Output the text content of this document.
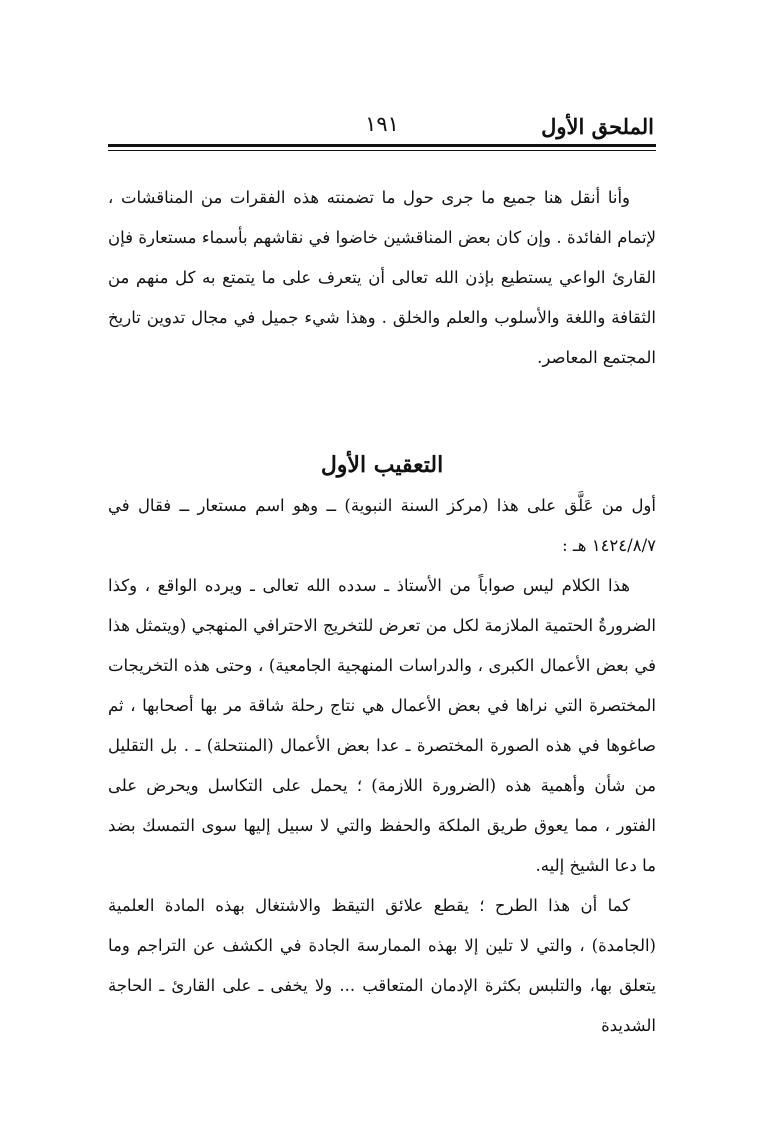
الملحق الأول
١٩١

وأنا أنقل هنا جميع ما جرى حول ما تضمنته هذه الفقرات من المناقشات ، لإتمام الفائدة . وإن كان بعض المناقشين خاضوا في نقاشهم بأسماء مستعارة فإن القارئ الواعي يستطيع بإذن الله تعالى أن يتعرف على ما يتمتع به كل منهم من الثقافة واللغة والأسلوب والعلم والخلق . وهذا شيء جميل في مجال تدوين تاريخ المجتمع المعاصر.

التعقيب الأول

أول من عَلَّق على هذا (مركز السنة النبوية) ــ وهو اسم مستعار ــ فقال في ١٤٢٤/٨/٧ هـ :

هذا الكلام ليس صواباً من الأستاذ ـ سدده الله تعالى ـ ويرده الواقع ، وكذا الضرورةُ الحتمية الملازمة لكل من تعرض للتخريج الاحترافي المنهجي (ويتمثل هذا في بعض الأعمال الكبرى ، والدراسات المنهجية الجامعية) ، وحتى هذه التخريجات المختصرة التي نراها في بعض الأعمال هي نتاج رحلة شاقة مر بها أصحابها ، ثم صاغوها في هذه الصورة المختصرة ـ عدا بعض الأعمال (المنتحلة) ـ . بل التقليل من شأن وأهمية هذه (الضرورة اللازمة) ؛ يحمل على التكاسل ويحرض على الفتور ، مما يعوق طريق الملكة والحفظ والتي لا سبيل إليها سوى التمسك بضد ما دعا الشيخ إليه.

كما أن هذا الطرح ؛ يقطع علائق التيقظ والاشتغال بهذه المادة العلمية (الجامدة) ، والتي لا تلين إلا بهذه الممارسة الجادة في الكشف عن التراجم وما يتعلق بها، والتلبس بكثرة الإدمان المتعاقب ... ولا يخفى ـ على القارئ ـ الحاجة الشديدة
